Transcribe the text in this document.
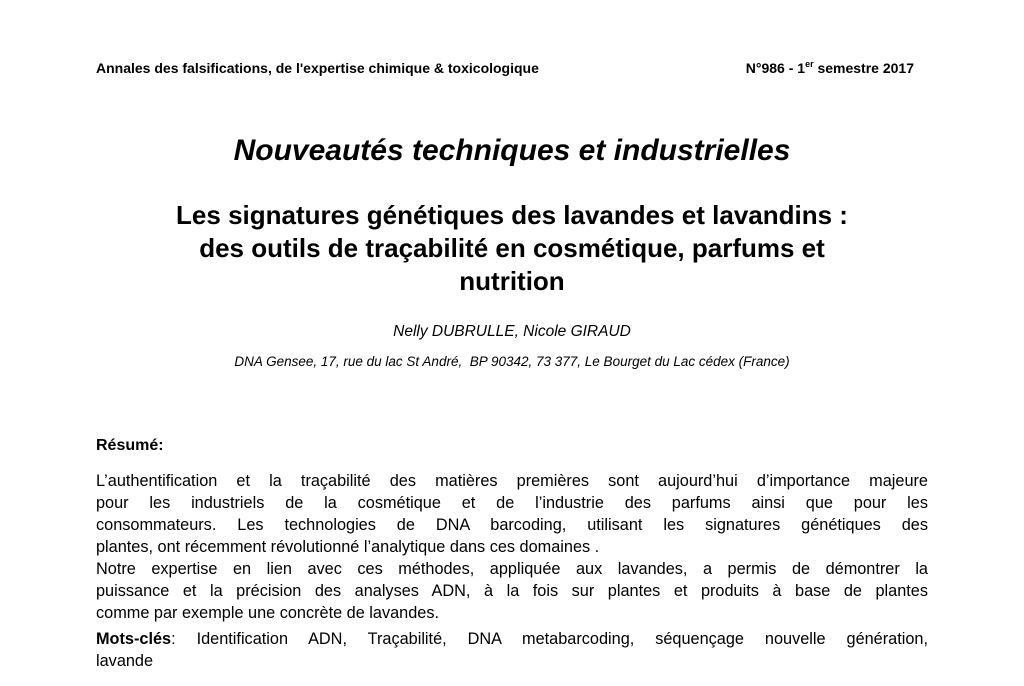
Annales des falsifications, de l'expertise chimique & toxicologique	N°986 - 1er semestre 2017
Nouveautés techniques et industrielles
Les signatures génétiques des lavandes et lavandins :
des outils de traçabilité en cosmétique, parfums et
nutrition
Nelly DUBRULLE, Nicole GIRAUD
DNA Gensee, 17, rue du lac St André,  BP 90342, 73 377, Le Bourget du Lac cédex (France)
Résumé:
L’authentification et la traçabilité des matières premières sont aujourd’hui d’importance majeure
pour les industriels de la cosmétique et de l’industrie des parfums ainsi que pour les
consommateurs. Les technologies de DNA barcoding, utilisant les signatures génétiques des
plantes, ont récemment révolutionné l’analytique dans ces domaines .
Notre expertise en lien avec ces méthodes, appliquée aux lavandes, a permis de démontrer la
puissance et la précision des analyses ADN, à la fois sur plantes et produits à base de plantes
comme par exemple une concrète de lavandes.
Mots-clés: Identification ADN, Traçabilité, DNA metabarcoding, séquençage nouvelle génération,
lavande
